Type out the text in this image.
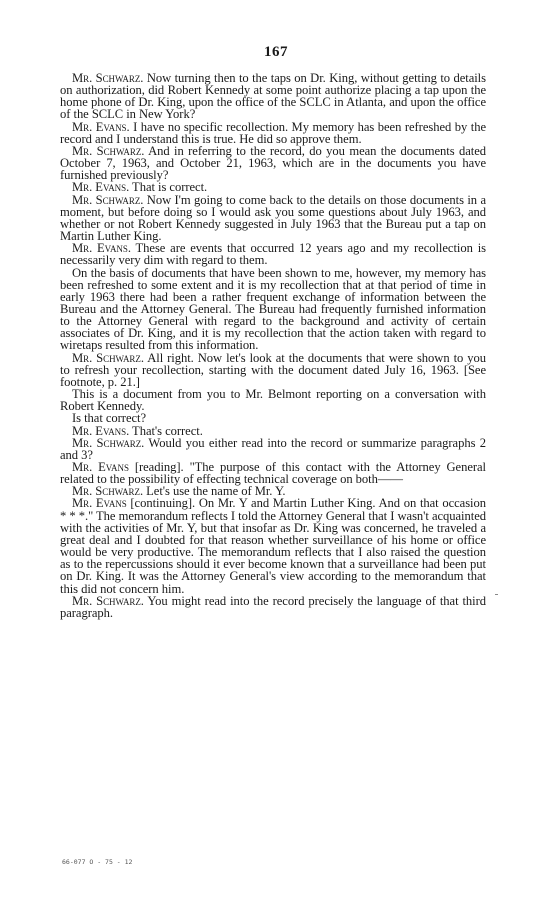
167

Mr. Schwarz. Now turning then to the taps on Dr. King, without getting to details on authorization, did Robert Kennedy at some point authorize placing a tap upon the home phone of Dr. King, upon the office of the SCLC in Atlanta, and upon the office of the SCLC in New York?

Mr. Evans. I have no specific recollection. My memory has been refreshed by the record and I understand this is true. He did so approve them.

Mr. Schwarz. And in referring to the record, do you mean the documents dated October 7, 1963, and October 21, 1963, which are in the documents you have furnished previously?

Mr. Evans. That is correct.

Mr. Schwarz. Now I'm going to come back to the details on those documents in a moment, but before doing so I would ask you some questions about July 1963, and whether or not Robert Kennedy suggested in July 1963 that the Bureau put a tap on Martin Luther King.

Mr. Evans. These are events that occurred 12 years ago and my recollection is necessarily very dim with regard to them.

On the basis of documents that have been shown to me, however, my memory has been refreshed to some extent and it is my recollection that at that period of time in early 1963 there had been a rather frequent exchange of information between the Bureau and the Attorney General. The Bureau had frequently furnished information to the Attorney General with regard to the background and activity of certain associates of Dr. King, and it is my recollection that the action taken with regard to wiretaps resulted from this information.

Mr. Schwarz. All right. Now let's look at the documents that were shown to you to refresh your recollection, starting with the document dated July 16, 1963. [See footnote, p. 21.]

This is a document from you to Mr. Belmont reporting on a conversation with Robert Kennedy.

Is that correct?

Mr. Evans. That's correct.

Mr. Schwarz. Would you either read into the record or summarize paragraphs 2 and 3?

Mr. Evans [reading]. "The purpose of this contact with the Attorney General related to the possibility of effecting technical coverage on both——

Mr. Schwarz. Let's use the name of Mr. Y.

Mr. Evans [continuing]. On Mr. Y and Martin Luther King. And on that occasion * * *." The memorandum reflects I told the Attorney General that I wasn't acquainted with the activities of Mr. Y, but that insofar as Dr. King was concerned, he traveled a great deal and I doubted for that reason whether surveillance of his home or office would be very productive. The memorandum reflects that I also raised the question as to the repercussions should it ever become known that a surveillance had been put on Dr. King. It was the Attorney General's view according to the memorandum that this did not concern him.

Mr. Schwarz. You might read into the record precisely the language of that third paragraph.

66-077 O - 75 - 12
